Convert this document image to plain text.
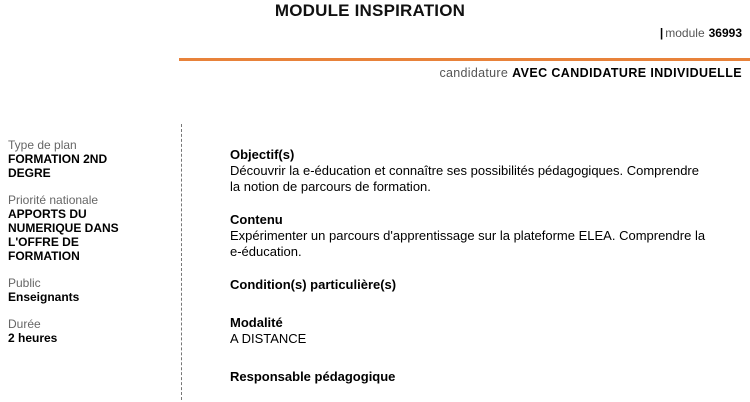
MODULE INSPIRATION
| module 36993
candidature AVEC CANDIDATURE INDIVIDUELLE
Type de plan
FORMATION 2ND
DEGRE
Priorité nationale
APPORTS DU
NUMERIQUE DANS
L'OFFRE DE
FORMATION
Public
Enseignants
Durée
2 heures
Objectif(s)
Découvrir la e-éducation et connaître ses possibilités pédagogiques. Comprendre
la notion de parcours de formation.
Contenu
Expérimenter un parcours d'apprentissage sur la plateforme ELEA. Comprendre la
e-éducation.
Condition(s) particulière(s)
Modalité
A DISTANCE
Responsable pédagogique
